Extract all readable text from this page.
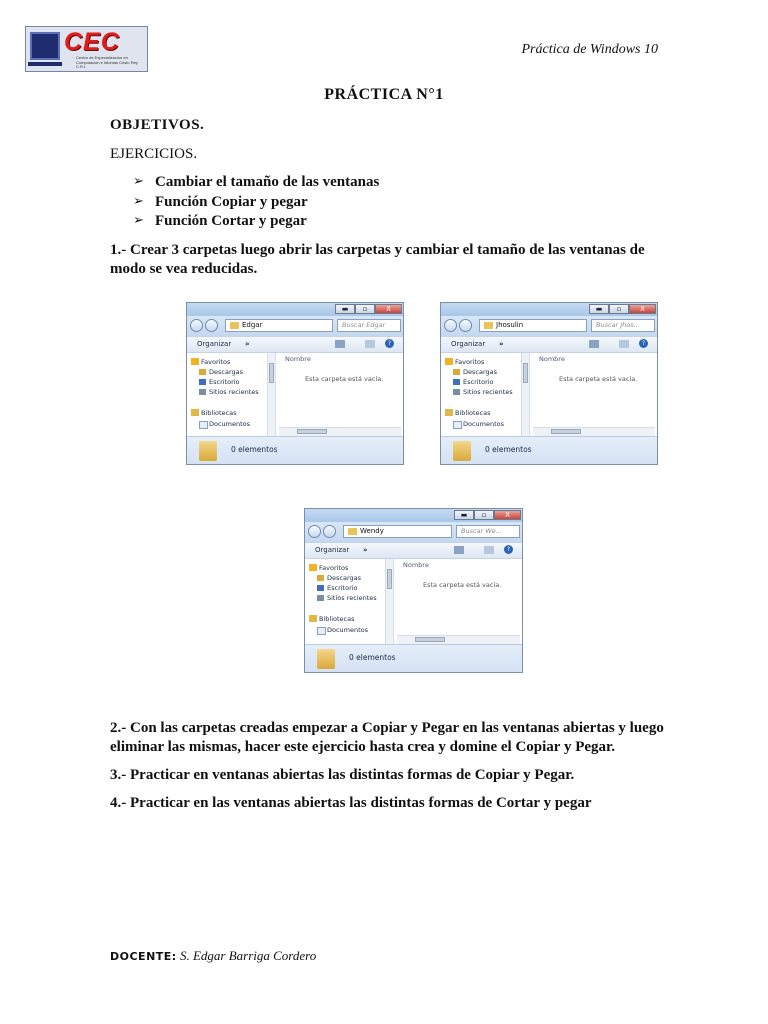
CEC
Centro de Especialización en Computación e Idiomas Cristo Rey C.R.I.
Práctica de Windows 10
PRÁCTICA N°1
OBJETIVOS.
EJERCICIOS.
➢ Cambiar el tamaño de las ventanas
➢ Función Copiar y pegar
➢ Función Cortar y pegar
1.- Crear 3 carpetas luego abrir las carpetas y cambiar el tamaño de las ventanas de
modo se vea reducidas.
▬	▫	X
Edgar	Buscar Edgar
Organizar »	?
Favoritos
Descargas
Escritorio
Sitios recientes
Bibliotecas
Documentos
Nombre
Esta carpeta está vacía.
0 elementos
▬	▫	X
Jhosulin	Buscar Jhos...
Organizar »	?
Favoritos
Descargas
Escritorio
Sitios recientes
Bibliotecas
Documentos
Nombre
Esta carpeta está vacía.
0 elementos
▬	▫	X
Wendy	Buscar We...
Organizar »	?
Favoritos
Descargas
Escritorio
Sitios recientes
Bibliotecas
Documentos
Nombre
Esta carpeta está vacía.
0 elementos
2.- Con las carpetas creadas empezar a Copiar y Pegar en las ventanas abiertas y luego
eliminar las mismas, hacer este ejercicio hasta crea y domine el Copiar y Pegar.
3.- Practicar en ventanas abiertas las distintas formas de Copiar y Pegar.
4.- Practicar en las ventanas abiertas las distintas formas de Cortar y pegar
DOCENTE: S. Edgar Barriga Cordero
